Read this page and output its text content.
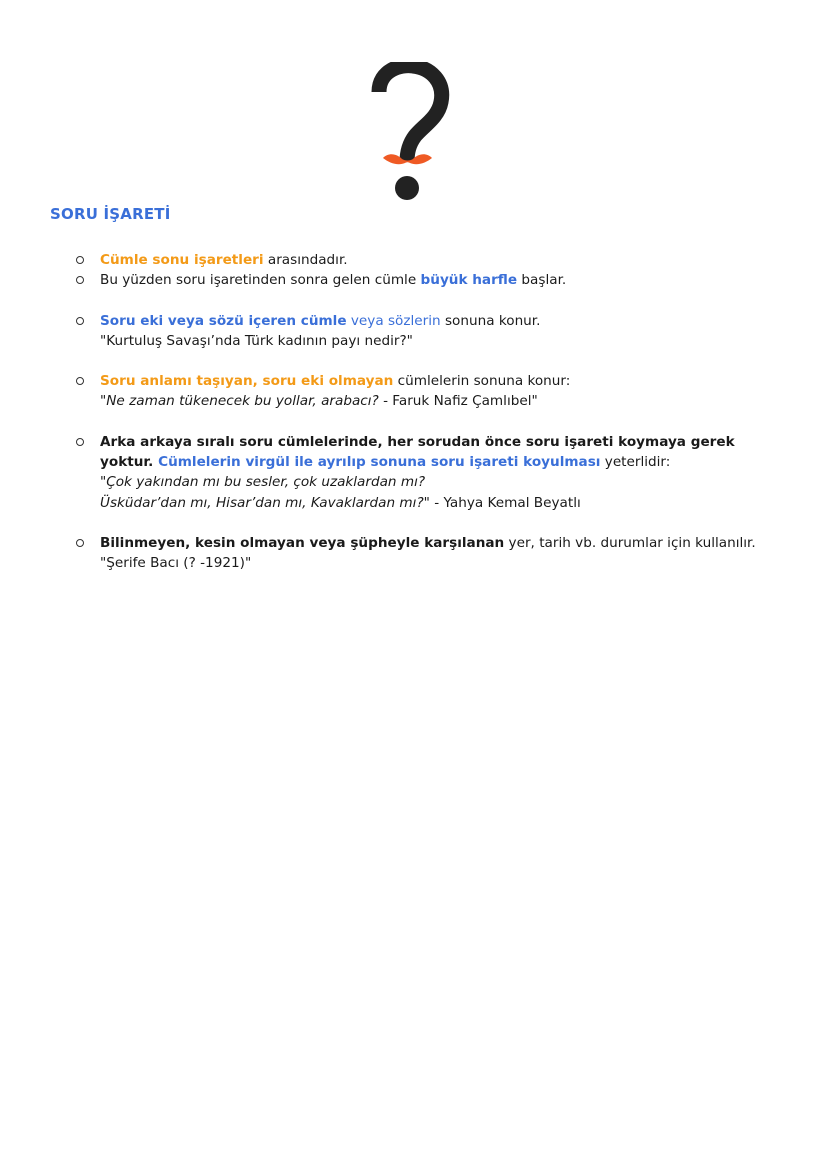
SORU İŞARETİ
Cümle sonu işaretleri arasındadır.
Bu yüzden soru işaretinden sonra gelen cümle büyük harfle başlar.
Soru eki veya sözü içeren cümle veya sözlerin sonuna konur.
"Kurtuluş Savaşı’nda Türk kadının payı nedir?"
Soru anlamı taşıyan, soru eki olmayan cümlelerin sonuna konur:
"Ne zaman tükenecek bu yollar, arabacı? - Faruk Nafiz Çamlıbel"
Arka arkaya sıralı soru cümlelerinde, her sorudan önce soru işareti koymaya gerek
yoktur. Cümlelerin virgül ile ayrılıp sonuna soru işareti koyulması yeterlidir:
"Çok yakından mı bu sesler, çok uzaklardan mı?
Üsküdar’dan mı, Hisar’dan mı, Kavaklardan mı?" - Yahya Kemal Beyatlı
Bilinmeyen, kesin olmayan veya şüpheyle karşılanan yer, tarih vb. durumlar için kullanılır.
"Şerife Bacı (? -1921)"
